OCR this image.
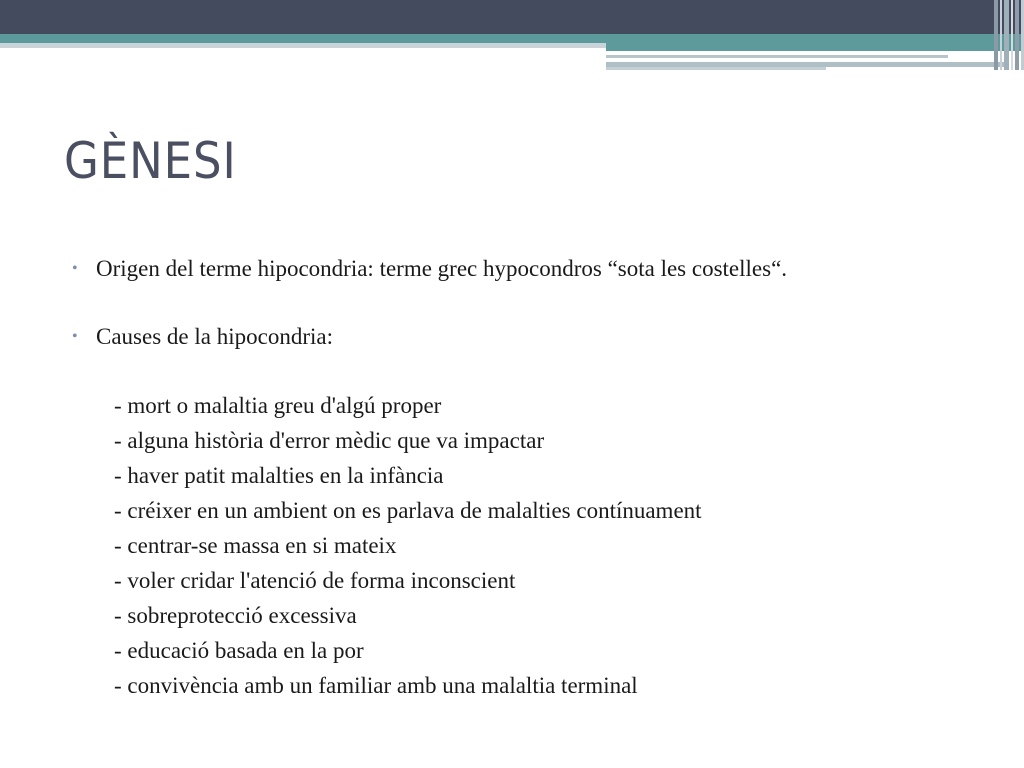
GÈNESI
• Origen del terme hipocondria: terme grec hypocondros “sota les costelles“.
• Causes de la hipocondria:
- mort o malaltia greu d'algú proper
- alguna història d'error mèdic que va impactar
- haver patit malalties en la infància
- créixer en un ambient on es parlava de malalties contínuament
- centrar-se massa en si mateix
- voler cridar l'atenció de forma inconscient
- sobreprotecció excessiva
- educació basada en la por
- convivència amb un familiar amb una malaltia terminal
